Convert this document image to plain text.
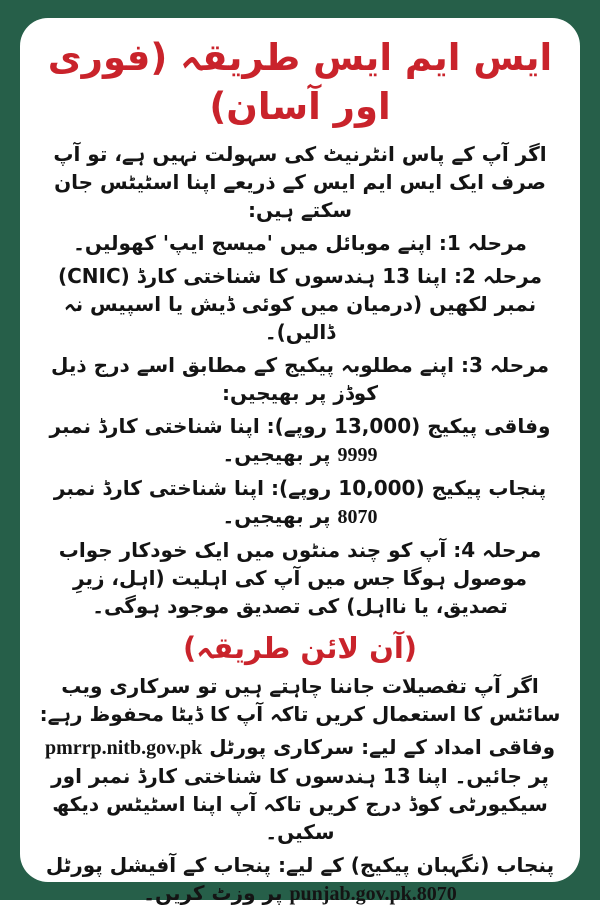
ایس ایم ایس طریقہ (فوری اور آسان)

اگر آپ کے پاس انٹرنیٹ کی سہولت نہیں ہے، تو آپ صرف ایک ایس ایم ایس کے ذریعے اپنا اسٹیٹس جان سکتے ہیں:

مرحلہ 1: اپنے موبائل میں 'میسج ایپ' کھولیں۔

مرحلہ 2: اپنا 13 ہندسوں کا شناختی کارڈ (CNIC) نمبر لکھیں (درمیان میں کوئی ڈیش یا اسپیس نہ ڈالیں)۔

مرحلہ 3: اپنے مطلوبہ پیکیج کے مطابق اسے درج ذیل کوڈز پر بھیجیں:

وفاقی پیکیج (13,000 روپے): اپنا شناختی کارڈ نمبر 9999 پر بھیجیں۔

پنجاب پیکیج (10,000 روپے): اپنا شناختی کارڈ نمبر 8070 پر بھیجیں۔

مرحلہ 4: آپ کو چند منٹوں میں ایک خودکار جواب موصول ہوگا جس میں آپ کی اہلیت (اہل، زیرِ تصدیق، یا نااہل) کی تصدیق موجود ہوگی۔

(آن لائن طریقہ)

اگر آپ تفصیلات جاننا چاہتے ہیں تو سرکاری ویب سائٹس کا استعمال کریں تاکہ آپ کا ڈیٹا محفوظ رہے:

وفاقی امداد کے لیے: سرکاری پورٹل pmrrp.nitb.gov.pk پر جائیں۔ اپنا 13 ہندسوں کا شناختی کارڈ نمبر اور سیکیورٹی کوڈ درج کریں تاکہ آپ اپنا اسٹیٹس دیکھ سکیں۔

پنجاب (نگہبان پیکیج) کے لیے: پنجاب کے آفیشل پورٹل punjab.gov.pk.8070 پر وزٹ کریں۔
